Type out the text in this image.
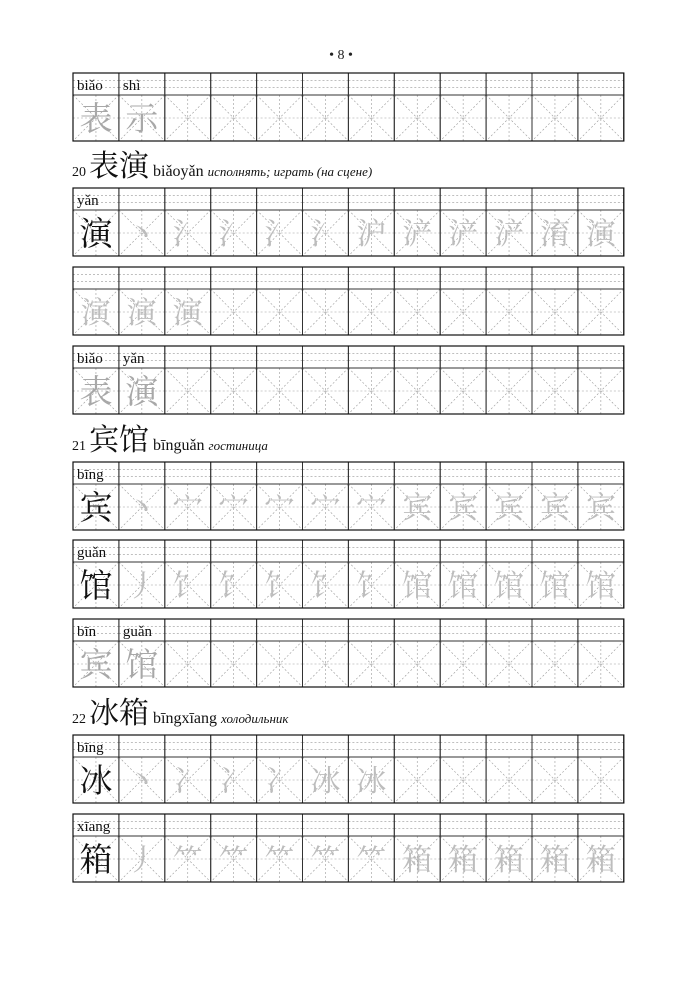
• 8 •
biǎo shì
表 示
20 表演 biǎoyǎn исполнять; играть (на сцене)
yǎn
演 丶 氵 氵 氵 氵 沪 浐 浐 浐 淯 演
演 演 演
biǎo yǎn
表 演
21 宾馆 bīnguǎn гостиница
bīng
宾 丶 宀 宀 宀 宀 宀 宾 宾 宾 宾 宾
guǎn
馆 丿 饣 饣 饣 饣 饣 馆 馆 馆 馆 馆
bīn guǎn
宾 馆
22 冰箱 bīngxīang холодильник
bīng
冰 丶 冫 冫 冫 冰 冰
xīang
箱 丿 ⺮ ⺮ ⺮ ⺮ ⺮ 箱 箱 箱 箱 箱
